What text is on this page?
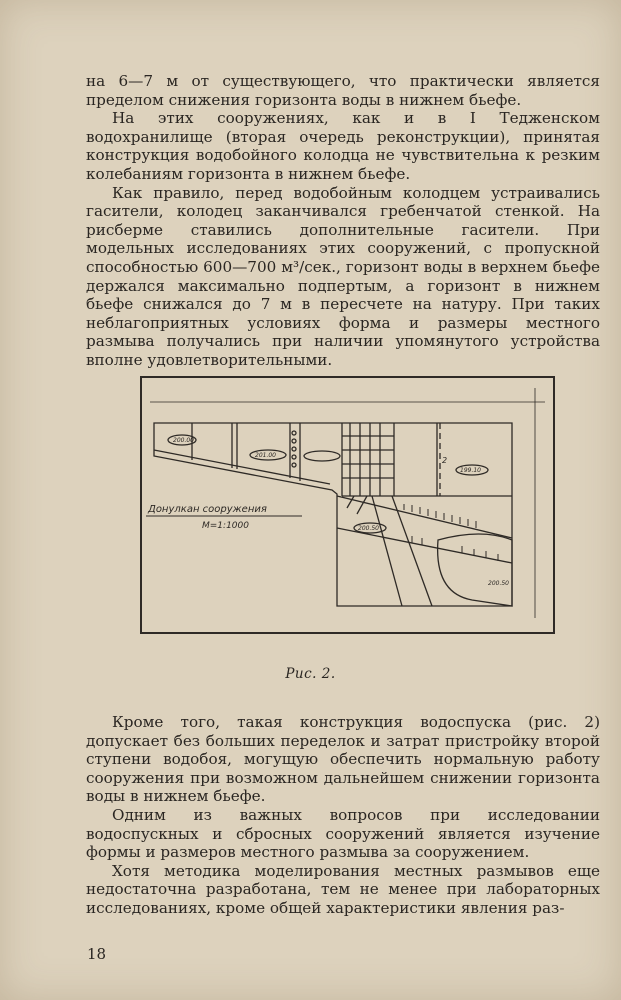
на 6—7 м от существующего, что практически является пределом снижения горизонта воды в нижнем бьефе.

На этих сооружениях, как и в I Тедженском водохранилище (вторая очередь реконструкции), принятая конструкция водобойного колодца не чувствительна к резким колебаниям горизонта в нижнем бьефе.

Как правило, перед водобойным колодцем устраивались гасители, колодец заканчивался гребенчатой стенкой. На рисберме ставились дополнительные гасители. При модельных исследованиях этих сооружений, с пропускной способностью 600—700 м³/сек., горизонт воды в верхнем бьефе держался максимально подпертым, а горизонт в нижнем бьефе снижался до 7 м в пересчете на натуру. При таких неблагоприятных условиях форма и размеры местного размыва получались при наличии упомянутого устройства вполне удовлетворительными.

Донулкан сооружения
М=1:1000
200.00
201.00
199.10
200.50
200.50
2
Рис. 2.

Кроме того, такая конструкция водоспуска (рис. 2) допускает без больших переделок и затрат пристройку второй ступени водобоя, могущую обеспечить нормальную работу сооружения при возможном дальнейшем снижении горизонта воды в нижнем бьефе.

Одним из важных вопросов при исследовании водоспускных и сбросных сооружений является изучение формы и размеров местного размыва за сооружением.

Хотя методика моделирования местных размывов еще недостаточна разработана, тем не менее при лабораторных исследованиях, кроме общей характеристики явления раз-

18
